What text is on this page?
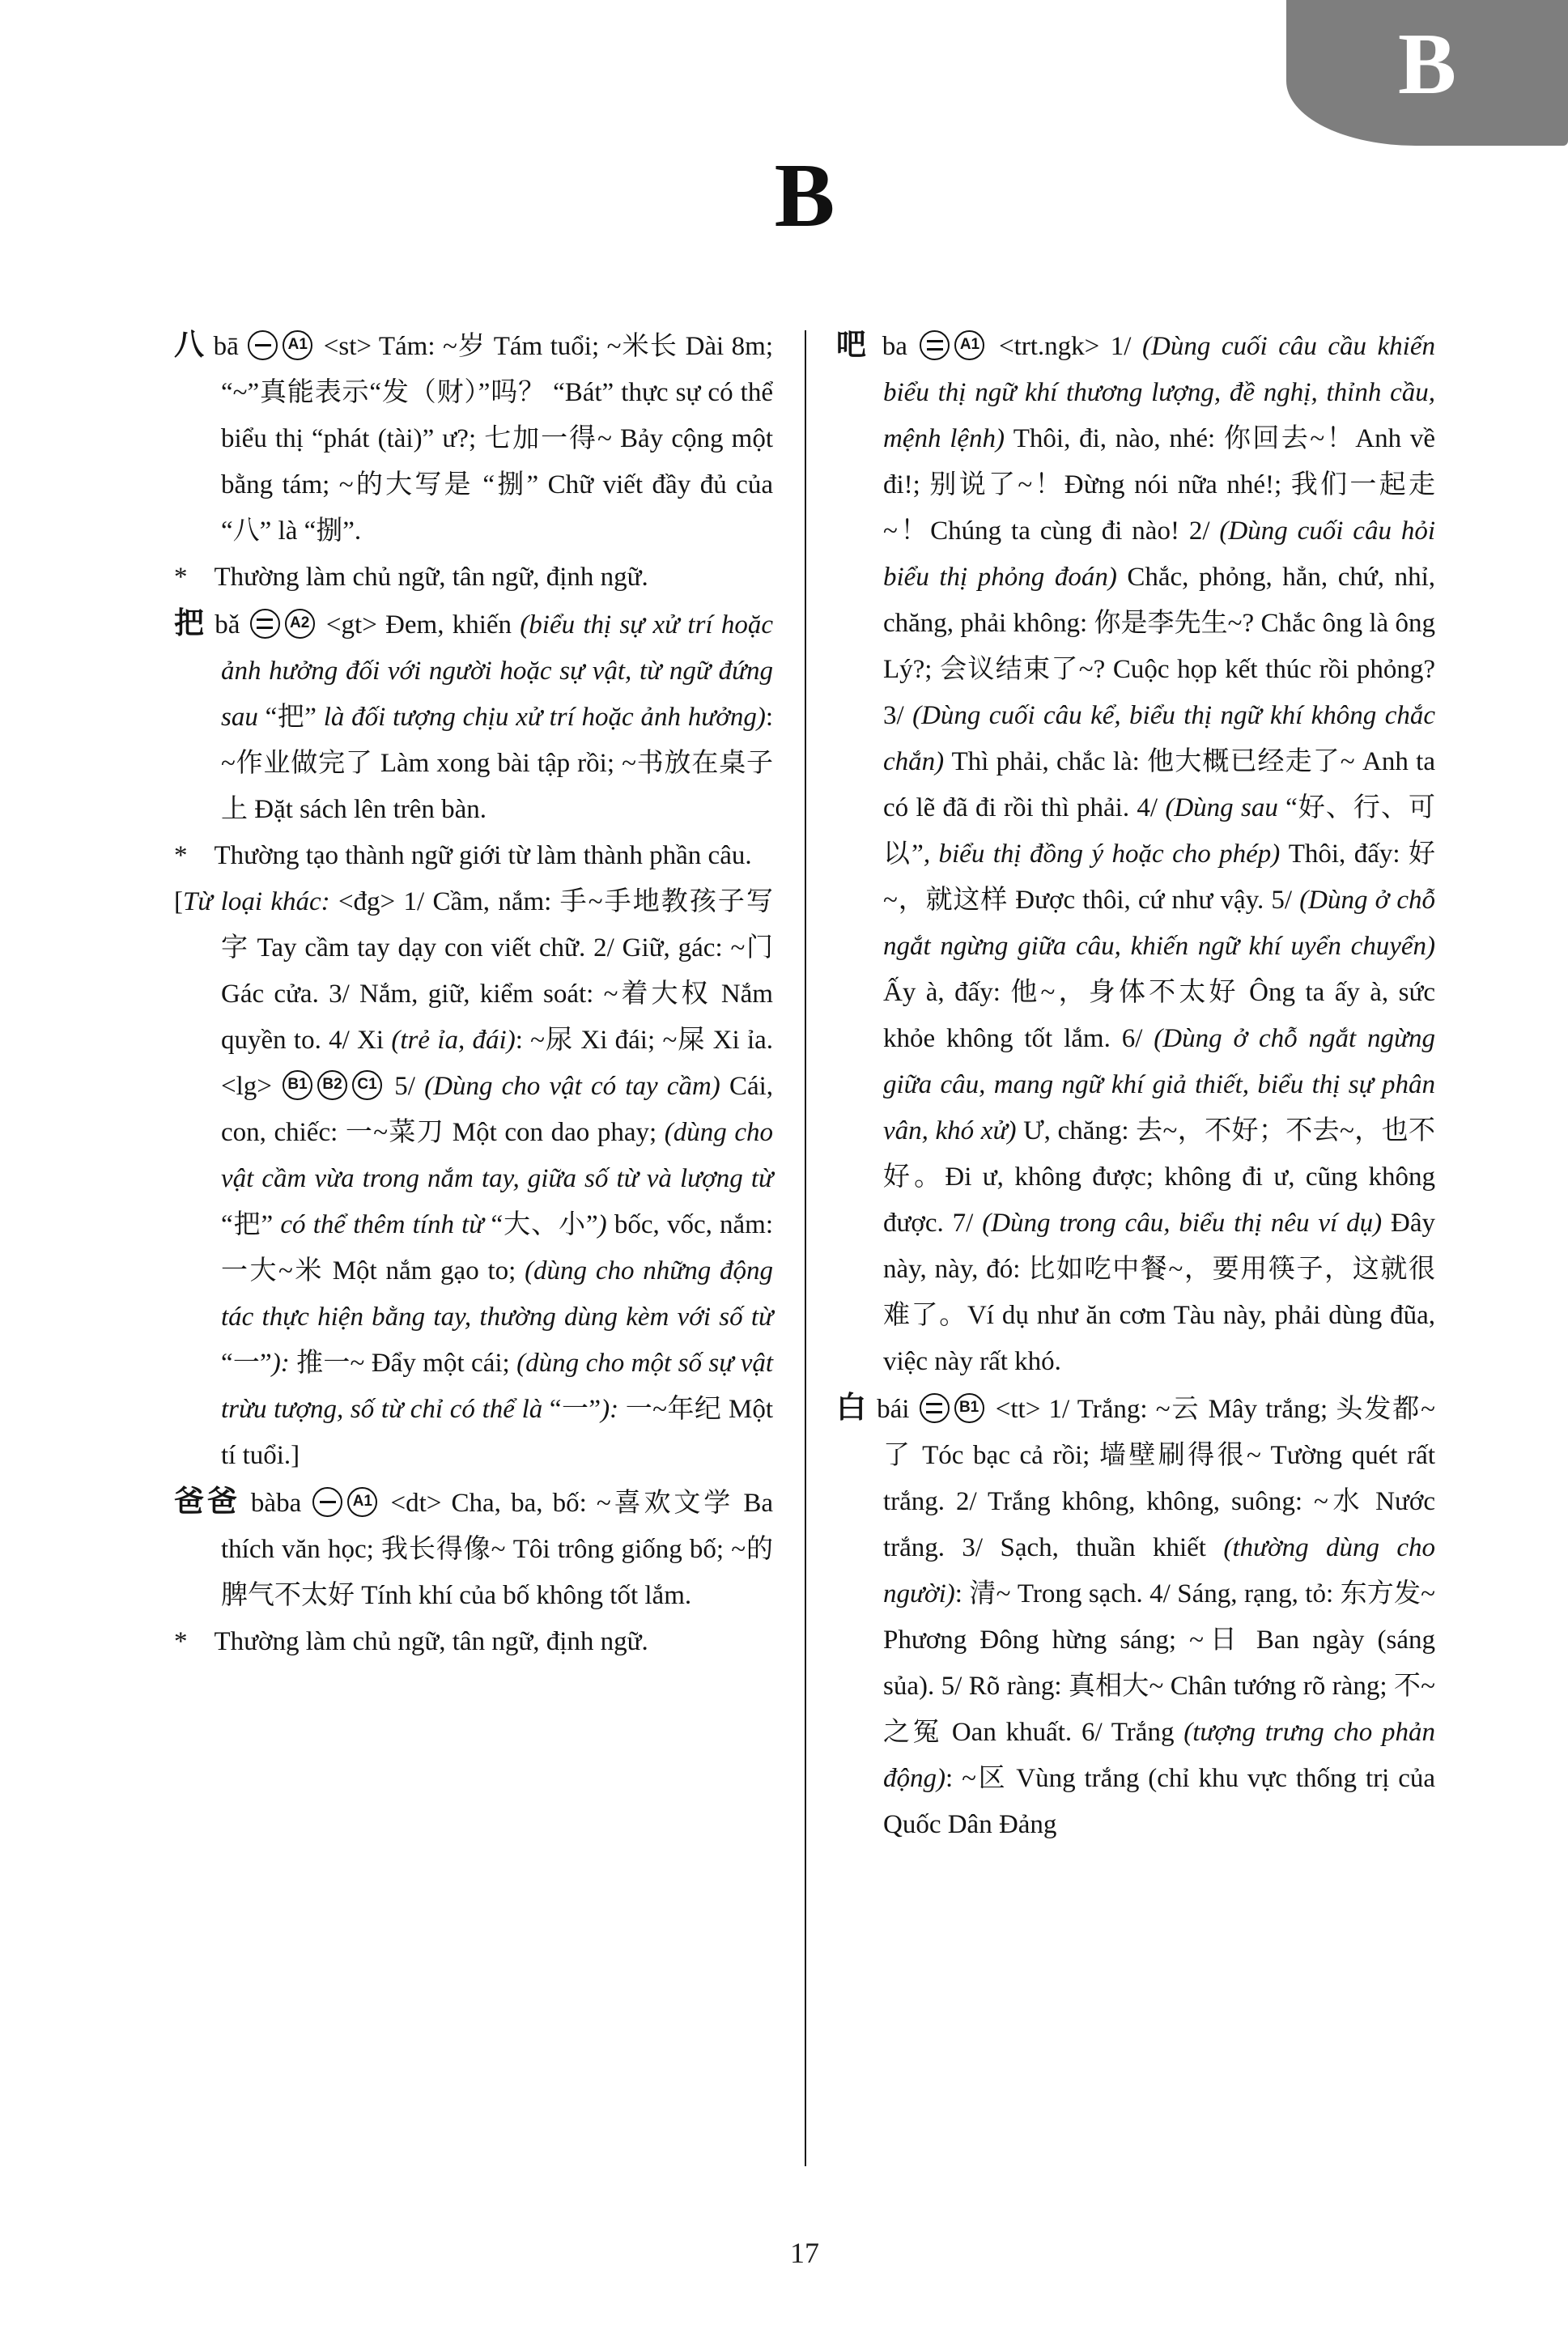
B
B

八 bā	A1 <st> Tám: ~岁 Tám tuổi; ~米长 Dài 8m; “~”真能表示“发（财）”吗？ “Bát” thực sự có thể biểu thị “phát (tài)” ư?; 七加一得~ Bảy cộng một bằng tám; ~的大写是 “捌” Chữ viết đầy đủ của “八” là “捌”.

* Thường làm chủ ngữ, tân ngữ, định ngữ.

把 bǎ	A2 <gt> Đem, khiến (biểu thị sự xử trí hoặc ảnh hưởng đối với người hoặc sự vật, từ ngữ đứng sau “把” là đối tượng chịu xử trí hoặc ảnh hưởng): ~作业做完了 Làm xong bài tập rồi; ~书放在桌子上 Đặt sách lên trên bàn.

* Thường tạo thành ngữ giới từ làm thành phần câu.

[Từ loại khác: <đg> 1/ Cầm, nắm: 手~手地教孩子写字 Tay cầm tay dạy con viết chữ. 2/ Giữ, gác: ~门 Gác cửa. 3/ Nắm, giữ, kiểm soát: ~着大权 Nắm quyền to. 4/ Xi (trẻ ỉa, đái): ~尿 Xi đái; ~屎 Xi ỉa. <lg> B1 B2 C1 5/ (Dùng cho vật có tay cầm) Cái, con, chiếc: 一~菜刀 Một con dao phay; (dùng cho vật cầm vừa trong nắm tay, giữa số từ và lượng từ “把” có thể thêm tính từ “大、小”) bốc, vốc, nắm: 一大~米 Một nắm gạo to; (dùng cho những động tác thực hiện bằng tay, thường dùng kèm với số từ “一”): 推一~ Đẩy một cái; (dùng cho một số sự vật trừu tượng, số từ chỉ có thể là “一”): 一~年纪 Một tí tuổi.]

爸爸 bàba	A1 <dt> Cha, ba, bố: ~喜欢文学 Ba thích văn học; 我长得像~ Tôi trông giống bố; ~的脾气不太好 Tính khí của bố không tốt lắm.

* Thường làm chủ ngữ, tân ngữ, định ngữ.

吧 ba	A1 <trt.ngk> 1/ (Dùng cuối câu cầu khiến biểu thị ngữ khí thương lượng, đề nghị, thỉnh cầu, mệnh lệnh) Thôi, đi, nào, nhé: 你回去~！Anh về đi!; 别说了~！Đừng nói nữa nhé!; 我们一起走~！Chúng ta cùng đi nào! 2/ (Dùng cuối câu hỏi biểu thị phỏng đoán) Chắc, phỏng, hẳn, chứ, nhỉ, chăng, phải không: 你是李先生~? Chắc ông là ông Lý?; 会议结束了~? Cuộc họp kết thúc rồi phỏng? 3/ (Dùng cuối câu kể, biểu thị ngữ khí không chắc chắn) Thì phải, chắc là: 他大概已经走了~ Anh ta có lẽ đã đi rồi thì phải. 4/ (Dùng sau “好、行、可以”, biểu thị đồng ý hoặc cho phép) Thôi, đấy: 好~，就这样 Được thôi, cứ như vậy. 5/ (Dùng ở chỗ ngắt ngừng giữa câu, khiến ngữ khí uyển chuyển) Ấy à, đấy: 他~，身体不太好 Ông ta ấy à, sức khỏe không tốt lắm. 6/ (Dùng ở chỗ ngắt ngừng giữa câu, mang ngữ khí giả thiết, biểu thị sự phân vân, khó xử) Ư, chăng: 去~，不好；不去~，也不好。Đi ư, không được; không đi ư, cũng không được. 7/ (Dùng trong câu, biểu thị nêu ví dụ) Đây này, này, đó: 比如吃中餐~，要用筷子，这就很难了。Ví dụ như ăn cơm Tàu này, phải dùng đũa, việc này rất khó.

白 bái	B1 <tt> 1/ Trắng: ~云 Mây trắng; 头发都~了 Tóc bạc cả rồi; 墙壁刷得很~ Tường quét rất trắng. 2/ Trắng không, không, suông: ~水 Nước trắng. 3/ Sạch, thuần khiết (thường dùng cho người): 清~ Trong sạch. 4/ Sáng, rạng, tỏ: 东方发~ Phương Đông hừng sáng; ~日 Ban ngày (sáng sủa). 5/ Rõ ràng: 真相大~ Chân tướng rõ ràng; 不~之冤 Oan khuất. 6/ Trắng (tượng trưng cho phản động): ~区 Vùng trắng (chỉ khu vực thống trị của Quốc Dân Đảng

17
